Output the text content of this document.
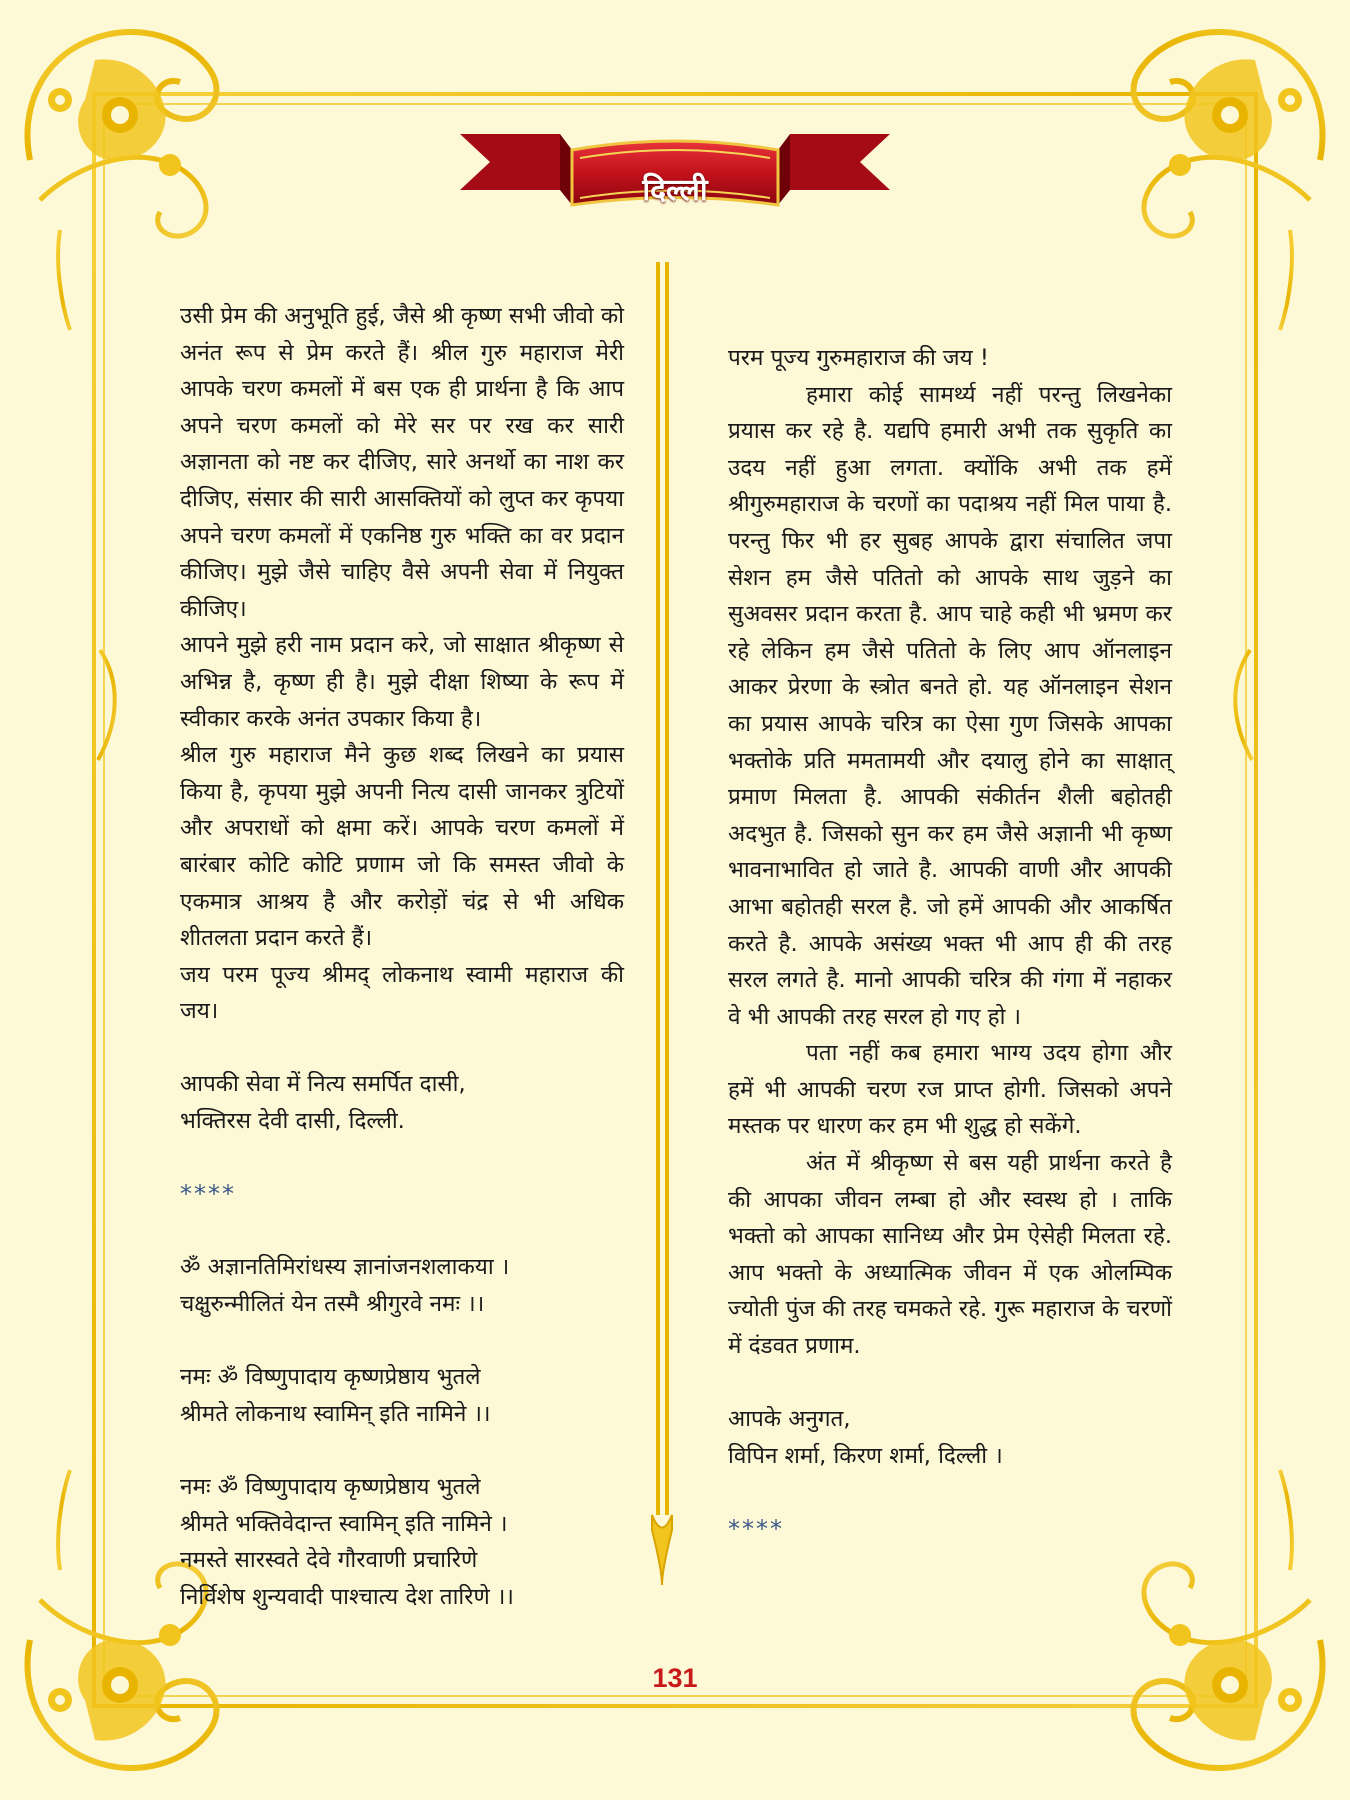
दिल्ली

उसी प्रेम की अनुभूति हुई, जैसे श्री कृष्ण सभी जीवो को अनंत रूप से प्रेम करते हैं। श्रील गुरु महाराज मेरी आपके चरण कमलों में बस एक ही प्रार्थना है कि आप अपने चरण कमलों को मेरे सर पर रख कर सारी अज्ञानता को नष्ट कर दीजिए, सारे अनर्थो का नाश कर दीजिए, संसार की सारी आसक्तियों को लुप्त कर कृपया अपने चरण कमलों में एकनिष्ठ गुरु भक्ति का वर प्रदान कीजिए। मुझे जैसे चाहिए वैसे अपनी सेवा में नियुक्त कीजिए।

आपने मुझे हरी नाम प्रदान करे, जो साक्षात श्रीकृष्ण से अभिन्न है, कृष्ण ही है। मुझे दीक्षा शिष्या के रूप में स्वीकार करके अनंत उपकार किया है।

श्रील गुरु महाराज मैने कुछ शब्द लिखने का प्रयास किया है, कृपया मुझे अपनी नित्य दासी जानकर त्रुटियों और अपराधों को क्षमा करें। आपके चरण कमलों में बारंबार कोटि कोटि प्रणाम जो कि समस्त जीवो के एकमात्र आश्रय है और करोड़ों चंद्र से भी अधिक शीतलता प्रदान करते हैं।

जय परम पूज्य श्रीमद् लोकनाथ स्वामी महाराज की जय।

आपकी सेवा में नित्य समर्पित दासी,
भक्तिरस देवी दासी, दिल्ली.
****
ॐ अज्ञानतिमिरांधस्य ज्ञानांजनशलाकया ।
चक्षुरुन्मीलितं येन तस्मै श्रीगुरवे नमः ।।
नमः ॐ विष्णुपादाय कृष्णप्रेष्ठाय भुतले
श्रीमते लोकनाथ स्वामिन् इति नामिने ।।
नमः ॐ विष्णुपादाय कृष्णप्रेष्ठाय भुतले
श्रीमते भक्तिवेदान्त स्वामिन् इति नामिने ।
नमस्ते सारस्वते देवे गौरवाणी प्रचारिणे
निर्विशेष शुन्यवादी पाश्चात्य देश तारिणे ।।
परम पूज्य गुरुमहाराज की जय !

हमारा कोई सामर्थ्य नहीं परन्तु लिखनेका प्रयास कर रहे है. यद्यपि हमारी अभी तक सुकृति का उदय नहीं हुआ लगता. क्योंकि अभी तक हमें श्रीगुरुमहाराज के चरणों का पदाश्रय नहीं मिल पाया है. परन्तु फिर भी हर सुबह आपके द्वारा संचालित जपा सेशन हम जैसे पतितो को आपके साथ जुड़ने का सुअवसर प्रदान करता है. आप चाहे कही भी भ्रमण कर रहे लेकिन हम जैसे पतितो के लिए आप ऑनलाइन आकर प्रेरणा के स्त्रोत बनते हो. यह ऑनलाइन सेशन का प्रयास आपके चरित्र का ऐसा गुण जिसके आपका भक्तोके प्रति ममतामयी और दयालु होने का साक्षात् प्रमाण मिलता है. आपकी संकीर्तन शैली बहोतही अदभुत है. जिसको सुन कर हम जैसे अज्ञानी भी कृष्ण भावनाभावित हो जाते है. आपकी वाणी और आपकी आभा बहोतही सरल है. जो हमें आपकी और आकर्षित करते है. आपके असंख्य भक्त भी आप ही की तरह सरल लगते है. मानो आपकी चरित्र की गंगा में नहाकर वे भी आपकी तरह सरल हो गए हो ।

पता नहीं कब हमारा भाग्य उदय होगा और हमें भी आपकी चरण रज प्राप्त होगी. जिसको अपने मस्तक पर धारण कर हम भी शुद्ध हो सकेंगे.

अंत में श्रीकृष्ण से बस यही प्रार्थना करते है की आपका जीवन लम्बा हो और स्वस्थ हो । ताकि भक्तो को आपका सानिध्य और प्रेम ऐसेही मिलता रहे. आप भक्तो के अध्यात्मिक जीवन में एक ओलम्पिक ज्योती पुंज की तरह चमकते रहे. गुरू महाराज के चरणों में दंडवत प्रणाम.

आपके अनुगत,
विपिन शर्मा, किरण शर्मा, दिल्ली ।
****
131
